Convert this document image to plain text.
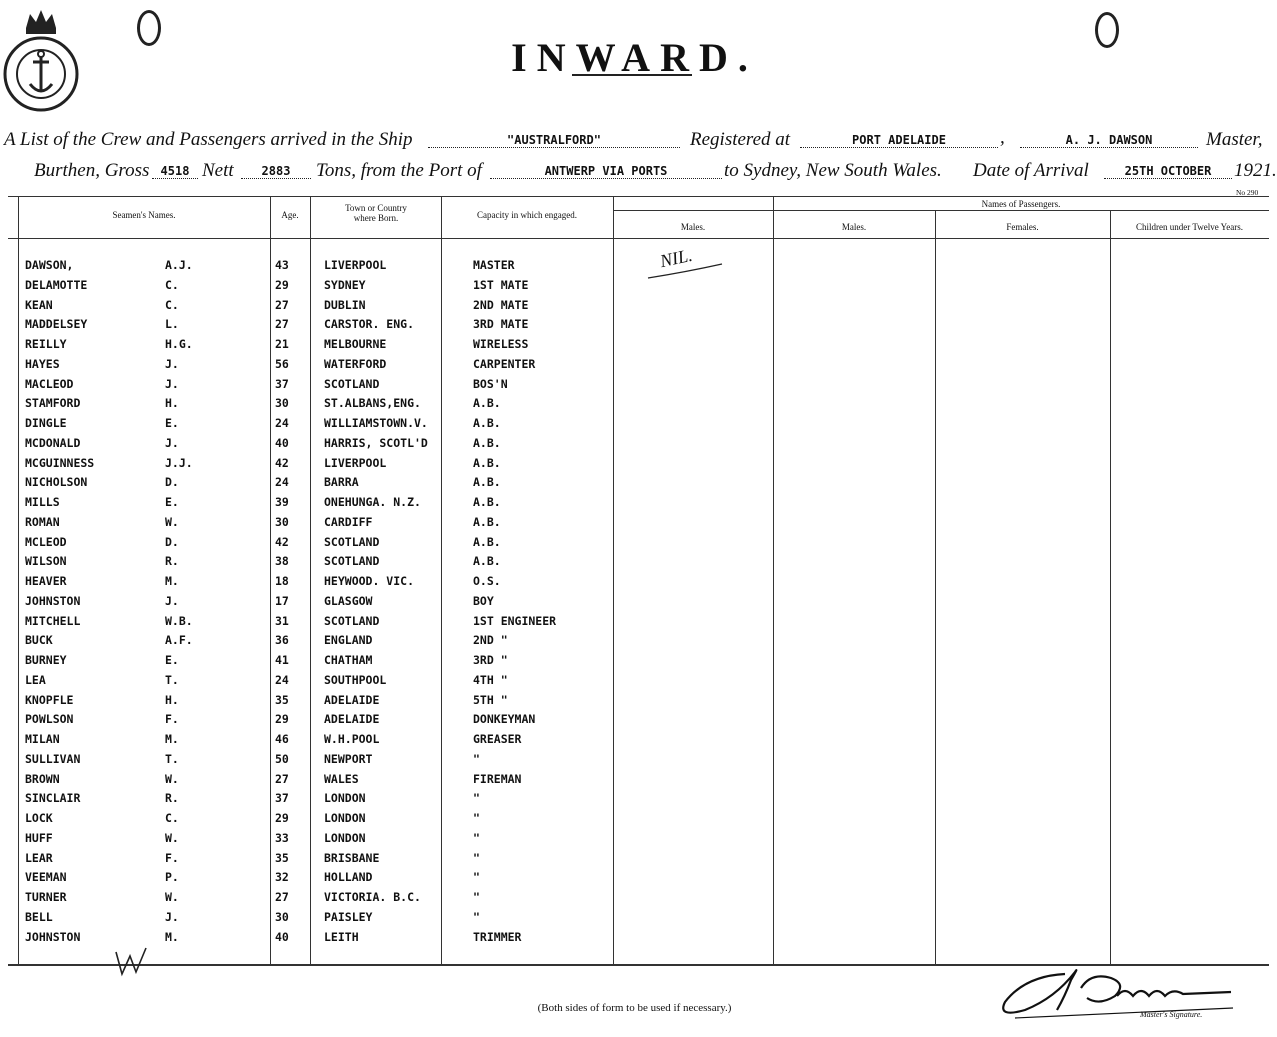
INWARD.
A List of the Crew and Passengers arrived in the Ship	"AUSTRALFORD"	Registered at	PORT ADELAIDE	,	A. J. DAWSON	Master,
Burthen, Gross 4518 Nett	2883	Tons, from the Port of	ANTWERP VIA PORTS	to Sydney, New South Wales. Date of Arrival	25TH OCTOBER	1921.
No 290
Seamen's Names.	Age.
Town or Country where Born.	Capacity in which engaged.
Males.
Names of Passengers.
Males.	Females.	Children under Twelve Years.
NIL.
DAWSON,	A.J.	43	LIVERPOOL	MASTER
DELAMOTTE	C.	29	SYDNEY	1ST MATE
KEAN	C.	27	DUBLIN	2ND MATE
MADDELSEY	L.	27	CARSTOR. ENG.	3RD MATE
REILLY	H.G.	21	MELBOURNE	WIRELESS
HAYES	J.	56	WATERFORD	CARPENTER
MACLEOD	J.	37	SCOTLAND	BOS'N
STAMFORD	H.	30	ST.ALBANS,ENG.	A.B.
DINGLE	E.	24	WILLIAMSTOWN.V.	A.B.
MCDONALD	J.	40	HARRIS, SCOTL'D	A.B.
MCGUINNESS	J.J.	42	LIVERPOOL	A.B.
NICHOLSON	D.	24	BARRA	A.B.
MILLS	E.	39	ONEHUNGA. N.Z.	A.B.
ROMAN	W.	30	CARDIFF	A.B.
MCLEOD	D.	42	SCOTLAND	A.B.
WILSON	R.	38	SCOTLAND	A.B.
HEAVER	M.	18	HEYWOOD. VIC.	O.S.
JOHNSTON	J.	17	GLASGOW	BOY
MITCHELL	W.B.	31	SCOTLAND	1ST ENGINEER
BUCK	A.F.	36	ENGLAND	2ND "
BURNEY	E.	41	CHATHAM	3RD "
LEA	T.	24	SOUTHPOOL	4TH "
KNOPFLE	H.	35	ADELAIDE	5TH "
POWLSON	F.	29	ADELAIDE	DONKEYMAN
MILAN	M.	46	W.H.POOL	GREASER
SULLIVAN	T.	50	NEWPORT	"
BROWN	W.	27	WALES	FIREMAN
SINCLAIR	R.	37	LONDON	"
LOCK	C.	29	LONDON	"
HUFF	W.	33	LONDON	"
LEAR	F.	35	BRISBANE	"
VEEMAN	P.	32	HOLLAND	"
TURNER	W.	27	VICTORIA. B.C.	"
BELL	J.	30	PAISLEY	"
JOHNSTON	M.	40	LEITH	TRIMMER
(Both sides of form to be used if necessary.)
Master's Signature.
